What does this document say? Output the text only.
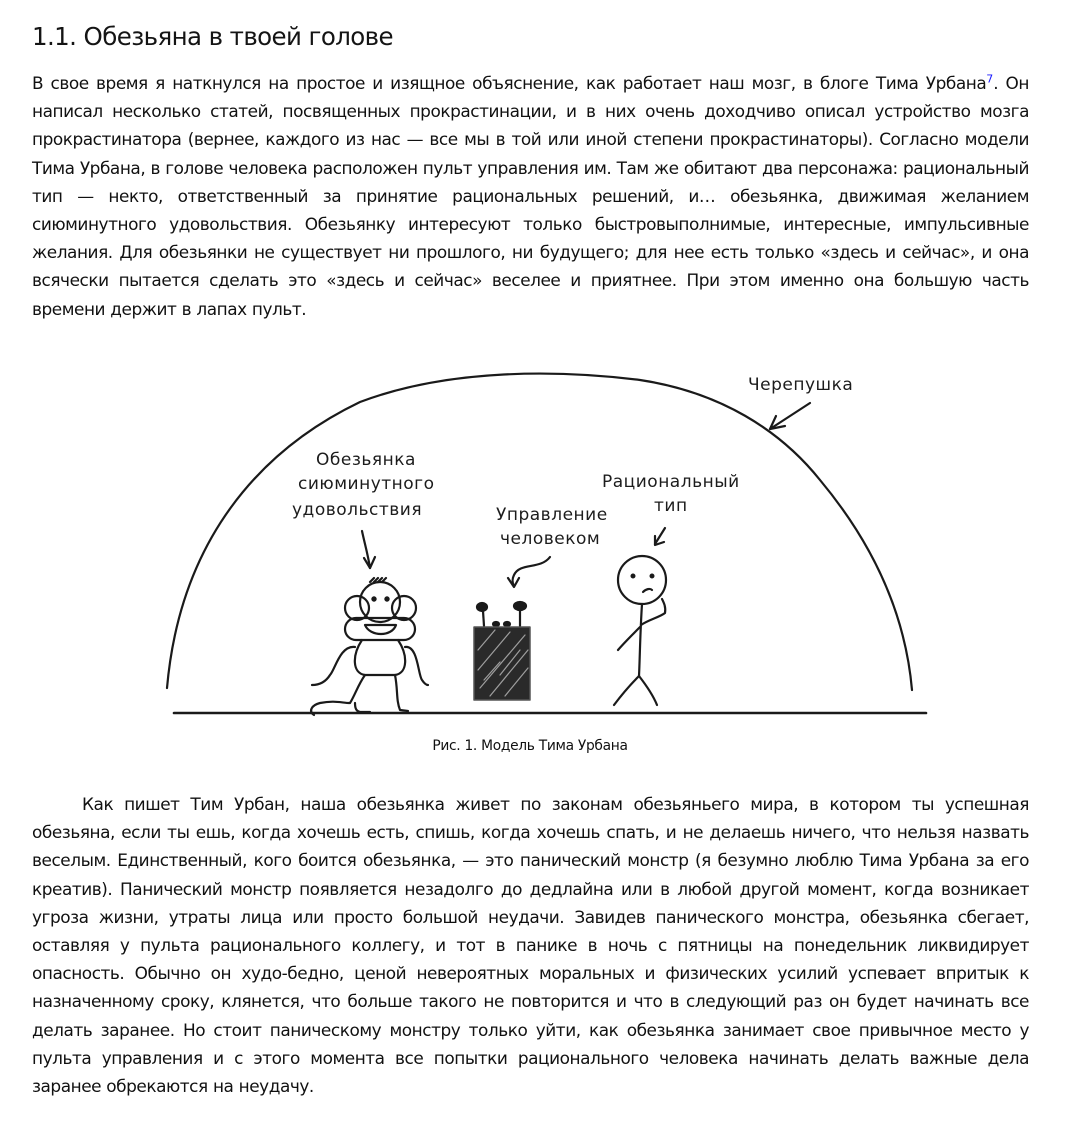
1.1. Обезьяна в твоей голове

В свое время я наткнулся на простое и изящное объяснение, как работает наш мозг, в блоге Тима Урбана$^7$. Он написал несколько статей, посвященных прокрастинации, и в них очень доходчиво описал устройство мозга прокрастинатора (вернее, каждого из нас — все мы в той или иной степени прокрастинаторы). Согласно модели Тима Урбана, в голове человека расположен пульт управления им. Там же обитают два персонажа: рациональный тип — некто, ответственный за принятие рациональных решений, и… обезьянка, движимая желанием сиюминутного удовольствия. Обезьянку интересуют только быстровыполнимые, интересные, импульсивные желания. Для обезьянки не существует ни прошлого, ни будущего; для нее есть только «здесь и сейчас», и она всячески пытается сделать это «здесь и сейчас» веселее и приятнее. При этом именно она большую часть времени держит в лапах пульт.

Как пишет Тим Урбан, наша обезьянка живет по законам обезьяньего мира, в котором ты успешная обезьяна, если ты ешь, когда хочешь есть, спишь, когда хочешь спать, и не делаешь ничего, что нельзя назвать веселым. Единственный, кого боится обезьянка, — это панический монстр (я безумно люблю Тима Урбана за его креатив). Панический монстр появляется незадолго до дедлайна или в любой другой момент, когда возникает угроза жизни, утраты лица или просто большой неудачи. Завидев панического монстра, обезьянка сбегает, оставляя у пульта рационального коллегу, и тот в панике в ночь с пятницы на понедельник ликвидирует опасность. Обычно он худо-бедно, ценой невероятных моральных и физических усилий успевает впритык к назначенному сроку, клянется, что больше такого не повторится и что в следующий раз он будет начинать все делать заранее. Но стоит паническому монстру только уйти, как обезьянка занимает свое привычное место у пульта управления и с этого момента все попытки рационального человека начинать делать важные дела заранее обрекаются на неудачу.

Черепушка
Обезьянка
сиюминутного
удовольствия	Управление
человеком
Рациональный
тип
Рис. 1. Модель Тима Урбана
